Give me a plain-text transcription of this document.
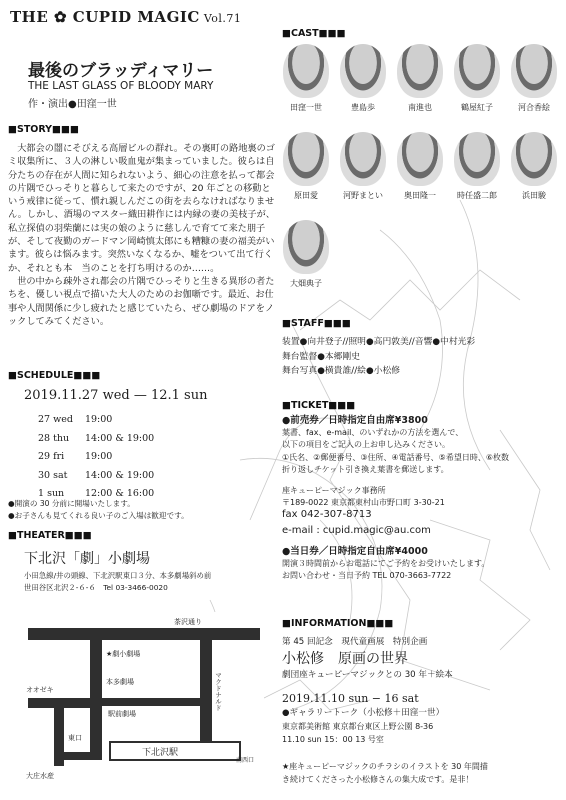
THE ✿ CUPID MAGIC Vol.71
最後のブラッディマリー
THE LAST GLASS OF BLOODY MARY
作・演出●田窪一世
■STORY■■■

大都会の闇にそびえる高層ビルの群れ。その裏町の路地裏のゴミ収集所に、３人の淋しい吸血鬼が集まっていました。彼らは自分たちの存在が人間に知られないよう、細心の注意を払って都会の片隅でひっそりと暮らして来たのですが、20 年ごとの移動という戒律に従って、慣れ親しんだこの街を去らなければなりません。しかし、酒場のマスター織田耕作には内縁の妻の美枝子が、私立探偵の羽柴蘭には実の娘のように慈しんで育てて来た朋子が、そして夜勤のガードマン岡崎慎太郎にも糟糠の妻の福美がいます。彼らは悩みます。突然いなくなるか、嘘をついて出て行くか、それとも本　当のことを打ち明けるのか……。

世の中から疎外され都会の片隅でひっそりと生きる異形の者たちを、優しい視点で描いた大人のためのお伽噺です。最近、お仕事や人間関係に少し疲れたと感じていたら、ぜひ劇場のドアをノックしてみてください。

■SCHEDULE■■■
2019.11.27 wed — 12.1 sun
27 wed	19:00
28 thu	14:00 & 19:00
29 fri	19:00
30 sat	14:00 & 19:00
1 sun	12:00 & 16:00
●開演の 30 分前に開場いたします。
●お子さんも見てくれる良い子のご入場は歓迎です。
■THEATER■■■
下北沢「劇」小劇場
小田急線/井の頭線、下北沢駅東口３分、本多劇場斜め前
世田谷区北沢２-６-６　Tel 03-3466-0020
茶沢通り
★劇小劇場
本多劇場
駅前劇場
オオゼキ
大庄水産
東口
下北沢駅
南西口
マクドナルド
■CAST■■■
田窪一世	豊島歩	南進也	鶴屋紅子	河合香絵
原田愛	河野まとい	奥田隆一	時任盛二郎	浜田駿
大畑典子
■STAFF■■■
装置●向井登子//照明●高円敦美//音響●中村光彩
舞台監督●本郷剛史
舞台写真●横貴誰//絵●小松修
■TICKET■■■
●前売券／日時指定自由席¥3800
葉書、fax、e-mail、のいずれかの方法を選んで、
以下の項目をご記入の上お申し込みください。
①氏名、②郵便番号、③住所、④電話番号、⑤希望日時、⑥枚数
折り返しチケット引き換え葉書を郵送します。
座キューピーマジック事務所
〒189-0022 東京都東村山市野口町 3-30-21
fax 042-307-8713
e-mail : cupid.magic@au.com
●当日券／日時指定自由席¥4000
開演３時間前からお電話にてご予約をお受けいたします。
お問い合わせ・当日予約 TEL 070-3663-7722
■INFORMATION■■■
第 45 回記念　現代童画展　特別企画
小松修　原画の世界
劇団座キューピーマジックとの 30 年＋絵本
2019.11.10 sun − 16 sat
●ギャラリートーク（小松修＋田窪一世）
東京都美術館 東京都台東区上野公園 8-36
11.10 sun 15：00 13 号室
★座キューピーマジックのチラシのイラストを 30 年間描
き続けてくださった小松修さんの集大成です。是非！
